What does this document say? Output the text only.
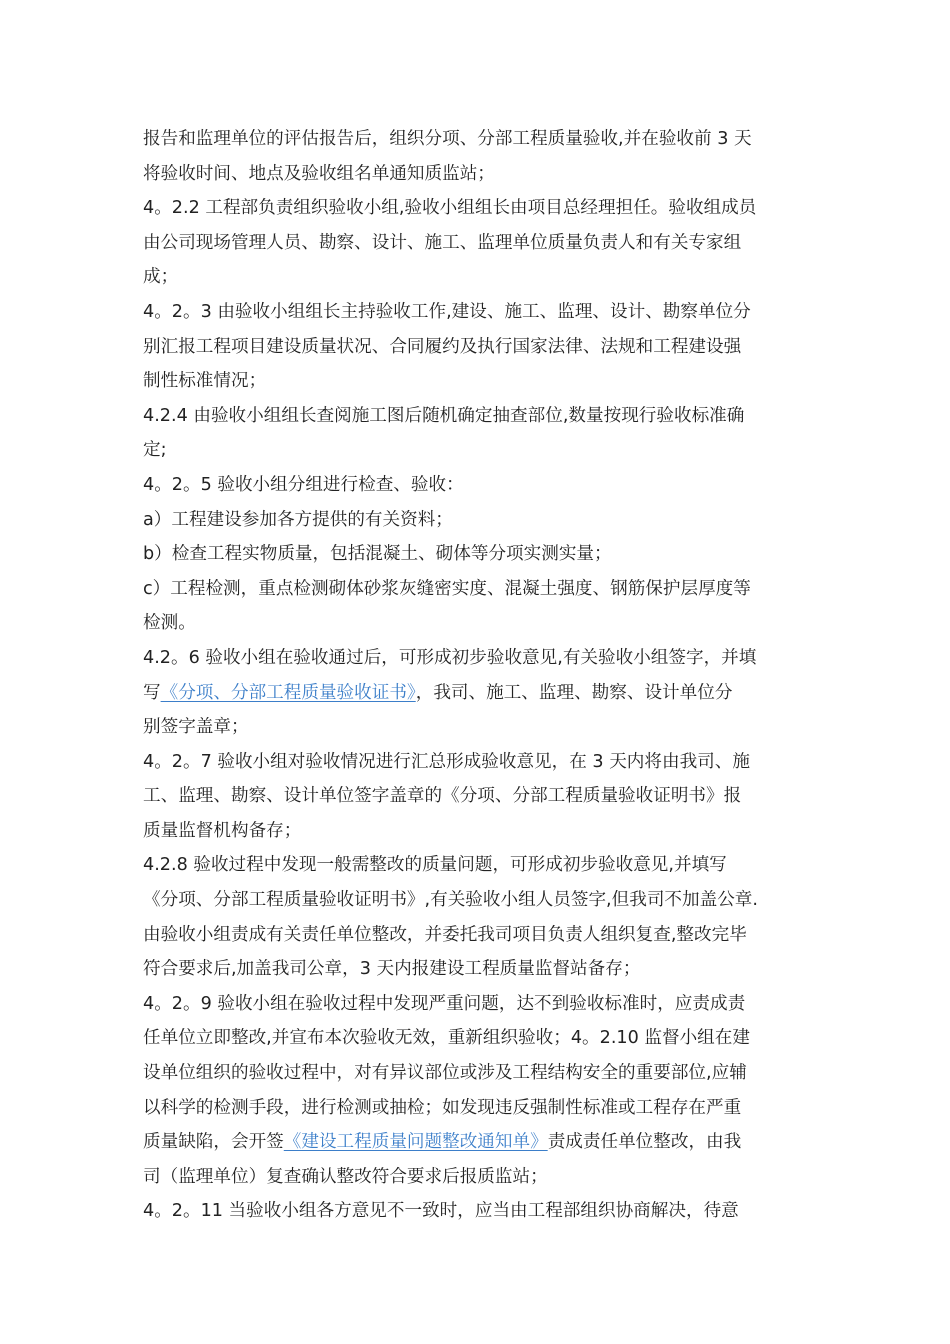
报告和监理单位的评估报告后，组织分项、分部工程质量验收,并在验收前 3 天
将验收时间、地点及验收组名单通知质监站；
4。2.2 工程部负责组织验收小组,验收小组组长由项目总经理担任。验收组成员
由公司现场管理人员、勘察、设计、施工、监理单位质量负责人和有关专家组
成；
4。2。3 由验收小组组长主持验收工作,建设、施工、监理、设计、勘察单位分
别汇报工程项目建设质量状况、合同履约及执行国家法律、法规和工程建设强
制性标准情况；
4.2.4 由验收小组组长查阅施工图后随机确定抽查部位,数量按现行验收标准确
定;
4。2。5 验收小组分组进行检查、验收：
a）工程建设参加各方提供的有关资料；
b）检查工程实物质量，包括混凝土、砌体等分项实测实量；
c）工程检测，重点检测砌体砂浆灰缝密实度、混凝土强度、钢筋保护层厚度等
检测。
4.2。6 验收小组在验收通过后，可形成初步验收意见,有关验收小组签字，并填
写《分项、分部工程质量验收证书》，我司、施工、监理、勘察、设计单位分
别签字盖章；
4。2。7 验收小组对验收情况进行汇总形成验收意见，在 3 天内将由我司、施
工、监理、勘察、设计单位签字盖章的《分项、分部工程质量验收证明书》报
质量监督机构备存；
4.2.8 验收过程中发现一般需整改的质量问题，可形成初步验收意见,并填写
《分项、分部工程质量验收证明书》,有关验收小组人员签字,但我司不加盖公章.
由验收小组责成有关责任单位整改，并委托我司项目负责人组织复查,整改完毕
符合要求后,加盖我司公章，3 天内报建设工程质量监督站备存；
4。2。9 验收小组在验收过程中发现严重问题，达不到验收标准时，应责成责
任单位立即整改,并宣布本次验收无效，重新组织验收；4。2.10 监督小组在建
设单位组织的验收过程中，对有异议部位或涉及工程结构安全的重要部位,应辅
以科学的检测手段，进行检测或抽检；如发现违反强制性标准或工程存在严重
质量缺陷，会开签《建设工程质量问题整改通知单》责成责任单位整改，由我
司（监理单位）复查确认整改符合要求后报质监站；
4。2。11 当验收小组各方意见不一致时，应当由工程部组织协商解决，待意
